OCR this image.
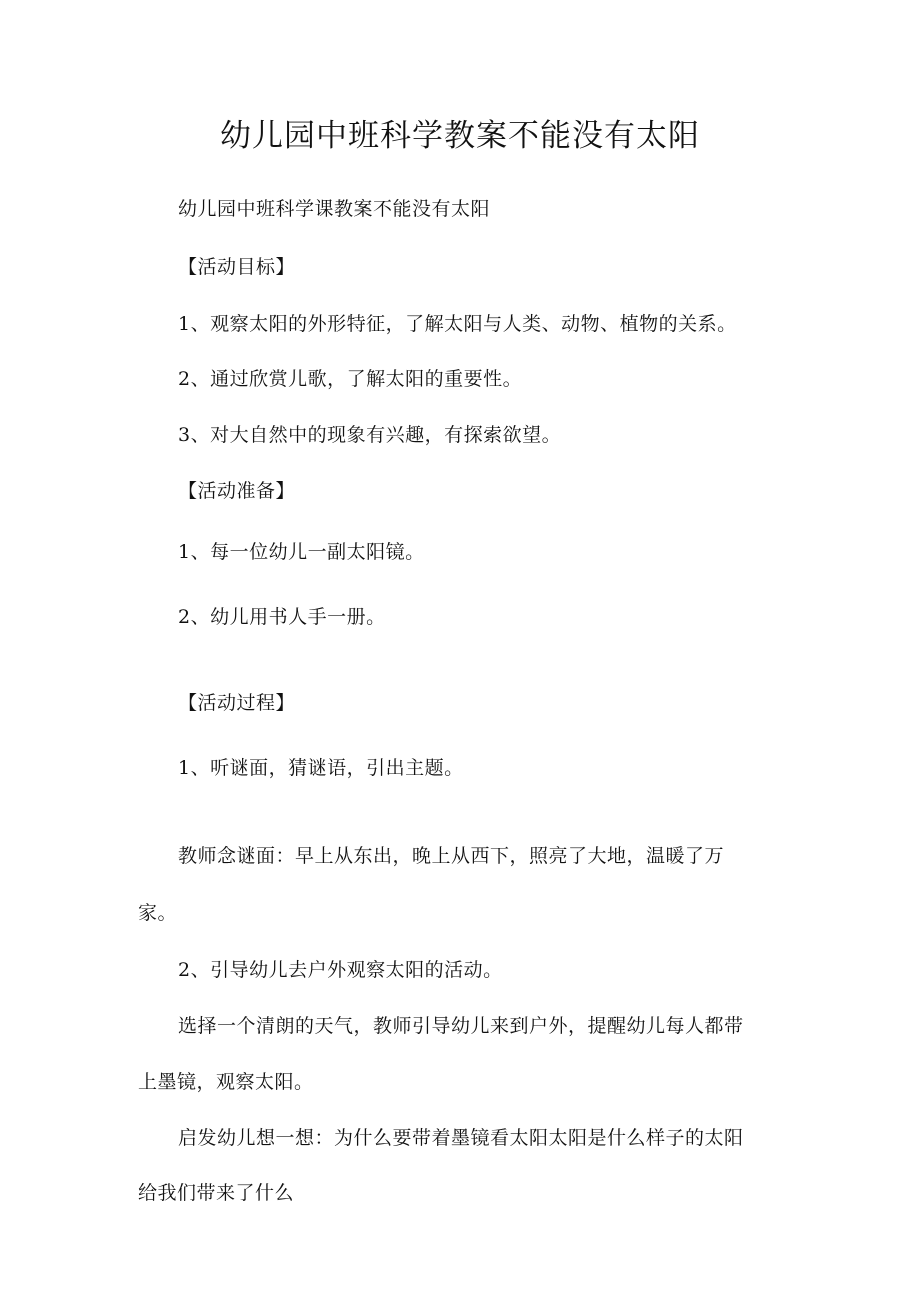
幼儿园中班科学教案不能没有太阳
幼儿园中班科学课教案不能没有太阳
【活动目标】
1、观察太阳的外形特征，了解太阳与人类、动物、植物的关系。
2、通过欣赏儿歌，了解太阳的重要性。
3、对大自然中的现象有兴趣，有探索欲望。
【活动准备】
1、每一位幼儿一副太阳镜。
2、幼儿用书人手一册。
【活动过程】
1、听谜面，猜谜语，引出主题。
教师念谜面：早上从东出，晚上从西下，照亮了大地，温暖了万
家。
2、引导幼儿去户外观察太阳的活动。
选择一个清朗的天气，教师引导幼儿来到户外，提醒幼儿每人都带
上墨镜，观察太阳。
启发幼儿想一想：为什么要带着墨镜看太阳太阳是什么样子的太阳
给我们带来了什么
